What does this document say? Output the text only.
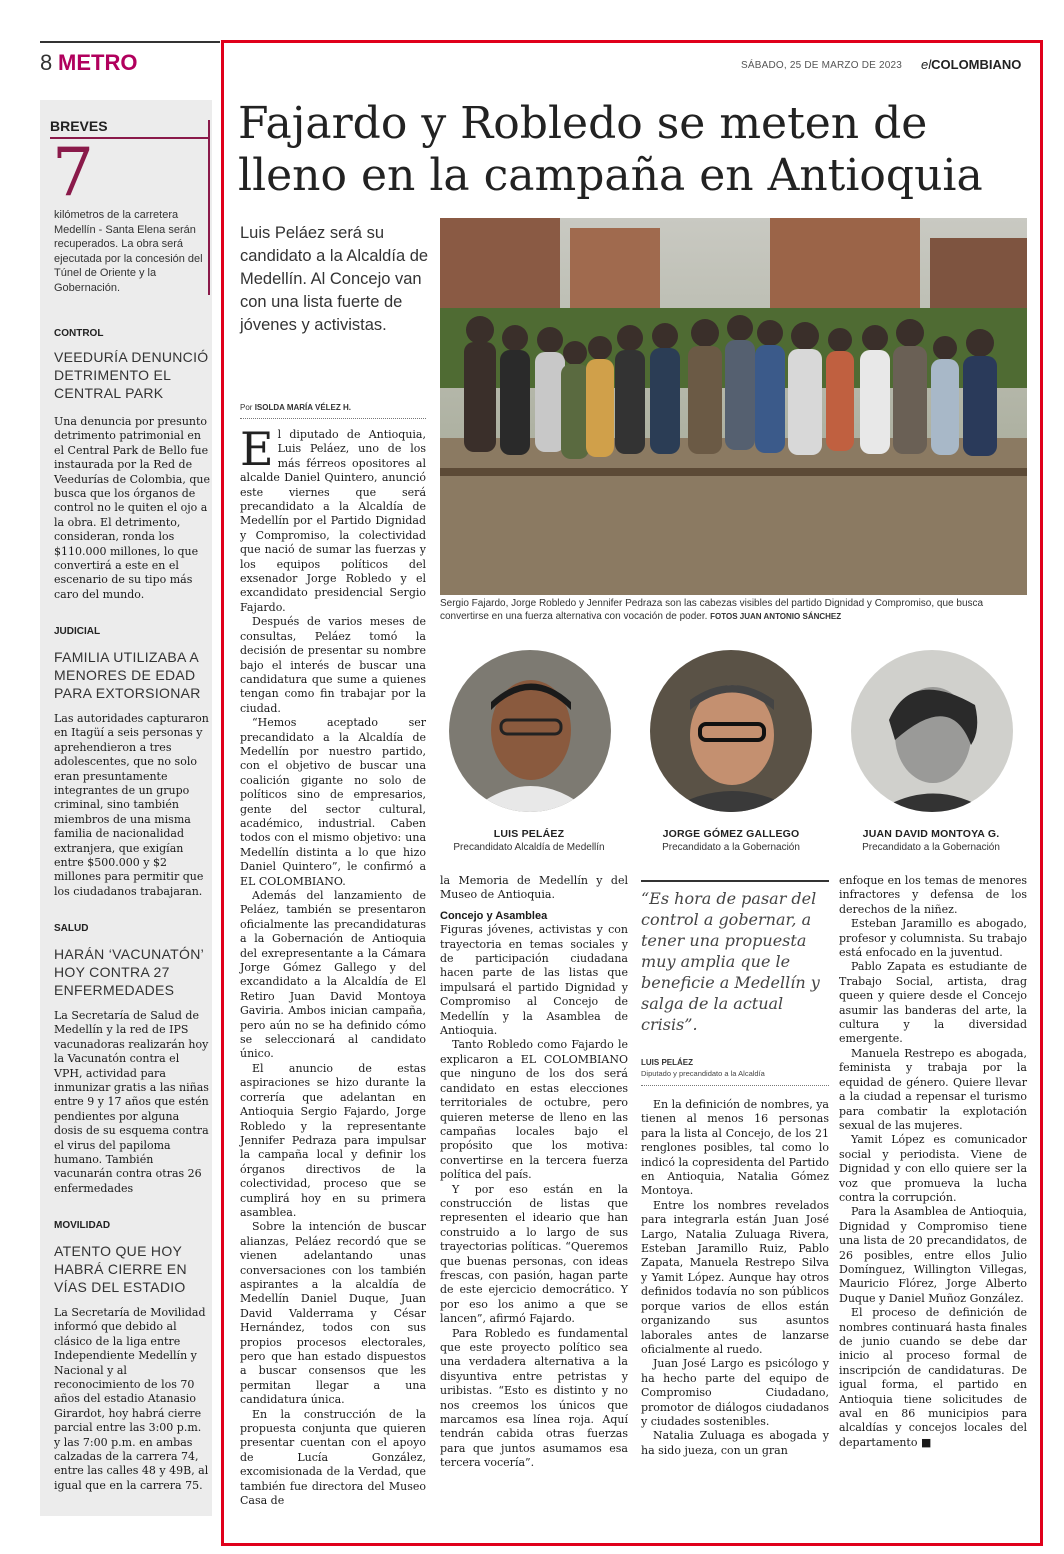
8 METRO	SÁBADO, 25 DE MARZO DE 2023 elCOLOMBIANO
BREVES
7
kilómetros de la carretera Medellín - Santa Elena serán recuperados. La obra será ejecutada por la concesión del Túnel de Oriente y la Gobernación.
CONTROL
VEEDURÍA DENUNCIÓ DETRIMENTO EL CENTRAL PARK
Una denuncia por presunto detrimento patrimonial en el Central Park de Bello fue instaurada por la Red de Veedurías de Colombia, que busca que los órganos de control no le quiten el ojo a la obra. El detrimento, consideran, ronda los $110.000 millones, lo que convertirá a este en el escenario de su tipo más caro del mundo.
JUDICIAL
FAMILIA UTILIZABA A MENORES DE EDAD PARA EXTORSIONAR
Las autoridades capturaron en Itagüí a seis personas y aprehendieron a tres adolescentes, que no solo eran presuntamente integrantes de un grupo criminal, sino también miembros de una misma familia de nacionalidad extranjera, que exigían entre $500.000 y $2 millones para permitir que los ciudadanos trabajaran.
SALUD
HARÁN ‘VACUNATÓN’ HOY CONTRA 27 ENFERMEDADES
La Secretaría de Salud de Medellín y la red de IPS vacunadoras realizarán hoy la Vacunatón contra el VPH, actividad para inmunizar gratis a las niñas entre 9 y 17 años que estén pendientes por alguna dosis de su esquema contra el virus del papiloma humano. También vacunarán contra otras 26 enfermedades
MOVILIDAD
ATENTO QUE HOY HABRÁ CIERRE EN VÍAS DEL ESTADIO
La Secretaría de Movilidad informó que debido al clásico de la liga entre Independiente Medellín y Nacional y al reconocimiento de los 70 años del estadio Atanasio Girardot, hoy habrá cierre parcial entre las 3:00 p.m. y las 7:00 p.m. en ambas calzadas de la carrera 74, entre las calles 48 y 49B, al igual que en la carrera 75.
Fajardo y Robledo se meten de lleno en la campaña en Antioquia
Luis Peláez será su candidato a la Alcaldía de Medellín. Al Concejo van con una lista fuerte de jóvenes y activistas.
Por ISOLDA MARÍA VÉLEZ H.
Sergio Fajardo, Jorge Robledo y Jennifer Pedraza son las cabezas visibles del partido Dignidad y Compromiso, que busca convertirse en una fuerza alternativa con vocación de poder. FOTOS JUAN ANTONIO SÁNCHEZ
LUIS PELÁEZ
Precandidato Alcaldía de Medellín
JORGE GÓMEZ GALLEGO
Precandidato a la Gobernación
JUAN DAVID MONTOYA G.
Precandidato a la Gobernación

El diputado de Antioquia, Luis Peláez, uno de los más férreos opositores al alcalde Daniel Quintero, anunció este viernes que será precandidato a la Alcaldía de Medellín por el Partido Dignidad y Compromiso, la colectividad que nació de sumar las fuerzas y los equipos políticos del exsenador Jorge Robledo y el excandidato presidencial Sergio Fajardo.

Después de varios meses de consultas, Peláez tomó la decisión de presentar su nombre bajo el interés de buscar una candidatura que sume a quienes tengan como fin trabajar por la ciudad.

“Hemos aceptado ser precandidato a la Alcaldía de Medellín por nuestro partido, con el objetivo de buscar una coalición gigante no solo de políticos sino de empresarios, gente del sector cultural, académico, industrial. Caben todos con el mismo objetivo: una Medellín distinta a lo que hizo Daniel Quintero”, le confirmó a EL COLOMBIANO.

Además del lanzamiento de Peláez, también se presentaron oficialmente las precandidaturas a la Gobernación de Antioquia del exrepresentante a la Cámara Jorge Gómez Gallego y del excandidato a la Alcaldía de El Retiro Juan David Montoya Gaviria. Ambos inician campaña, pero aún no se ha definido cómo se seleccionará al candidato único.

El anuncio de estas aspiraciones se hizo durante la correría que adelantan en Antioquia Sergio Fajardo, Jorge Robledo y la representante Jennifer Pedraza para impulsar la campaña local y definir los órganos directivos de la colectividad, proceso que se cumplirá hoy en su primera asamblea.

Sobre la intención de buscar alianzas, Peláez recordó que se vienen adelantando unas conversaciones con los también aspirantes a la alcaldía de Medellín Daniel Duque, Juan David Valderrama y César Hernández, todos con sus propios procesos electorales, pero que han estado dispuestos a buscar consensos que les permitan llegar a una candidatura única.

En la construcción de la propuesta conjunta que quieren presentar cuentan con el apoyo de Lucía González, excomisionada de la Verdad, que también fue directora del Museo Casa de

la Memoria de Medellín y del Museo de Antioquia.

Concejo y Asamblea

Figuras jóvenes, activistas y con trayectoria en temas sociales y de participación ciudadana hacen parte de las listas que impulsará el partido Dignidad y Compromiso al Concejo de Medellín y la Asamblea de Antioquia.

Tanto Robledo como Fajardo le explicaron a EL COLOMBIANO que ninguno de los dos será candidato en estas elecciones territoriales de octubre, pero quieren meterse de lleno en las campañas locales bajo el propósito que los motiva: convertirse en la tercera fuerza política del país.

Y por eso están en la construcción de listas que representen el ideario que han construido a lo largo de sus trayectorias políticas. “Queremos que buenas personas, con ideas frescas, con pasión, hagan parte de este ejercicio democrático. Y por eso los animo a que se lancen”, afirmó Fajardo.

Para Robledo es fundamental que este proyecto político sea una verdadera alternativa a la disyuntiva entre petristas y uribistas. “Esto es distinto y no nos creemos los únicos que marcamos esa línea roja. Aquí tendrán cabida otras fuerzas para que juntos asumamos esa tercera vocería”.

“Es hora de pasar del control a gobernar, a tener una propuesta muy amplia que le beneficie a Medellín y salga de la actual crisis”.
LUIS PELÁEZ
Diputado y precandidato a la Alcaldía

En la definición de nombres, ya tienen al menos 16 personas para la lista al Concejo, de los 21 renglones posibles, tal como lo indicó la copresidenta del Partido en Antioquia, Natalia Gómez Montoya.

Entre los nombres revelados para integrarla están Juan José Largo, Natalia Zuluaga Rivera, Esteban Jaramillo Ruiz, Pablo Zapata, Manuela Restrepo Silva y Yamit López. Aunque hay otros definidos todavía no son públicos porque varios de ellos están organizando sus asuntos laborales antes de lanzarse oficialmente al ruedo.

Juan José Largo es psicólogo y ha hecho parte del equipo de Compromiso Ciudadano, promotor de diálogos ciudadanos y ciudades sostenibles.

Natalia Zuluaga es abogada y ha sido jueza, con un gran

enfoque en los temas de menores infractores y defensa de los derechos de la niñez.

Esteban Jaramillo es abogado, profesor y columnista. Su trabajo está enfocado en la juventud.

Pablo Zapata es estudiante de Trabajo Social, artista, drag queen y quiere desde el Concejo asumir las banderas del arte, la cultura y la diversidad emergente.

Manuela Restrepo es abogada, feminista y trabaja por la equidad de género. Quiere llevar a la ciudad a repensar el turismo para combatir la explotación sexual de las mujeres.

Yamit López es comunicador social y periodista. Viene de Dignidad y con ello quiere ser la voz que promueva la lucha contra la corrupción.

Para la Asamblea de Antioquia, Dignidad y Compromiso tiene una lista de 20 precandidatos, de 26 posibles, entre ellos Julio Domínguez, Willington Villegas, Mauricio Flórez, Jorge Alberto Duque y Daniel Muñoz González.

El proceso de definición de nombres continuará hasta finales de junio cuando se debe dar inicio al proceso formal de inscripción de candidaturas. De igual forma, el partido en Antioquia tiene solicitudes de aval en 86 municipios para alcaldías y concejos locales del departamento ■
